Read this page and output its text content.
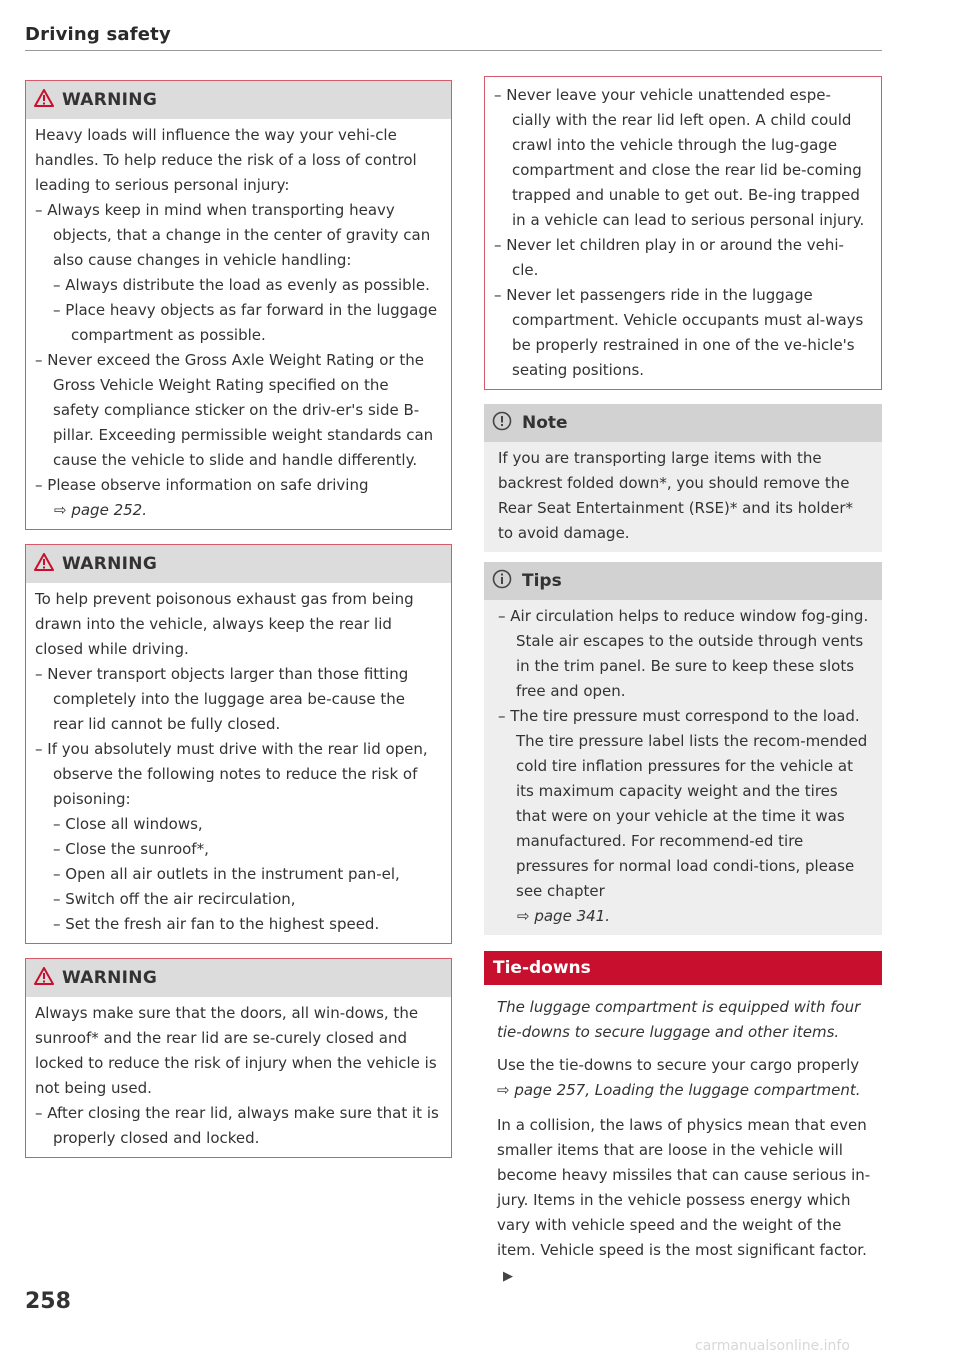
Driving safety
WARNING

Heavy loads will influence the way your vehi-cle handles. To help reduce the risk of a loss of control leading to serious personal injury:

– Always keep in mind when transporting heavy objects, that a change in the center of gravity can also cause changes in vehicle handling:
– Always distribute the load as evenly as possible.
– Place heavy objects as far forward in the luggage compartment as possible.
– Never exceed the Gross Axle Weight Rating or the Gross Vehicle Weight Rating specified on the safety compliance sticker on the driv-er's side B-pillar. Exceeding permissible weight standards can cause the vehicle to slide and handle differently.
– Please observe information on safe driving

⇨ page 252.

WARNING

To help prevent poisonous exhaust gas from being drawn into the vehicle, always keep the rear lid closed while driving.

– Never transport objects larger than those fitting completely into the luggage area be-cause the rear lid cannot be fully closed.
– If you absolutely must drive with the rear lid open, observe the following notes to reduce the risk of poisoning:
– Close all windows,
– Close the sunroof*,
– Open all air outlets in the instrument pan-el,
– Switch off the air recirculation,
– Set the fresh air fan to the highest speed.
WARNING

Always make sure that the doors, all win-dows, the sunroof* and the rear lid are se-curely closed and locked to reduce the risk of injury when the vehicle is not being used.

– After closing the rear lid, always make sure that it is properly closed and locked.
– Never leave your vehicle unattended espe-cially with the rear lid left open. A child could crawl into the vehicle through the lug-gage compartment and close the rear lid be-coming trapped and unable to get out. Be-ing trapped in a vehicle can lead to serious personal injury.
– Never let children play in or around the vehi-cle.
– Never let passengers ride in the luggage compartment. Vehicle occupants must al-ways be properly restrained in one of the ve-hicle's seating positions.
Note

If you are transporting large items with the backrest folded down*, you should remove the Rear Seat Entertainment (RSE)* and its holder* to avoid damage.

Tips
– Air circulation helps to reduce window fog-ging. Stale air escapes to the outside through vents in the trim panel. Be sure to keep these slots free and open.
– The tire pressure must correspond to the load. The tire pressure label lists the recom-mended cold tire inflation pressures for the vehicle at its maximum capacity weight and the tires that were on your vehicle at the time it was manufactured. For recommend-ed tire pressures for normal load condi-tions, please see chapter

⇨ page 341.

Tie-downs

The luggage compartment is equipped with four tie-downs to secure luggage and other items.

Use the tie-downs to secure your cargo properly
⇨ page 257, Loading the luggage compartment.

In a collision, the laws of physics mean that even smaller items that are loose in the vehicle will become heavy missiles that can cause serious in-jury. Items in the vehicle possess energy which vary with vehicle speed and the weight of the item. Vehicle speed is the most significant factor.▶

258
carmanualsonline.info
